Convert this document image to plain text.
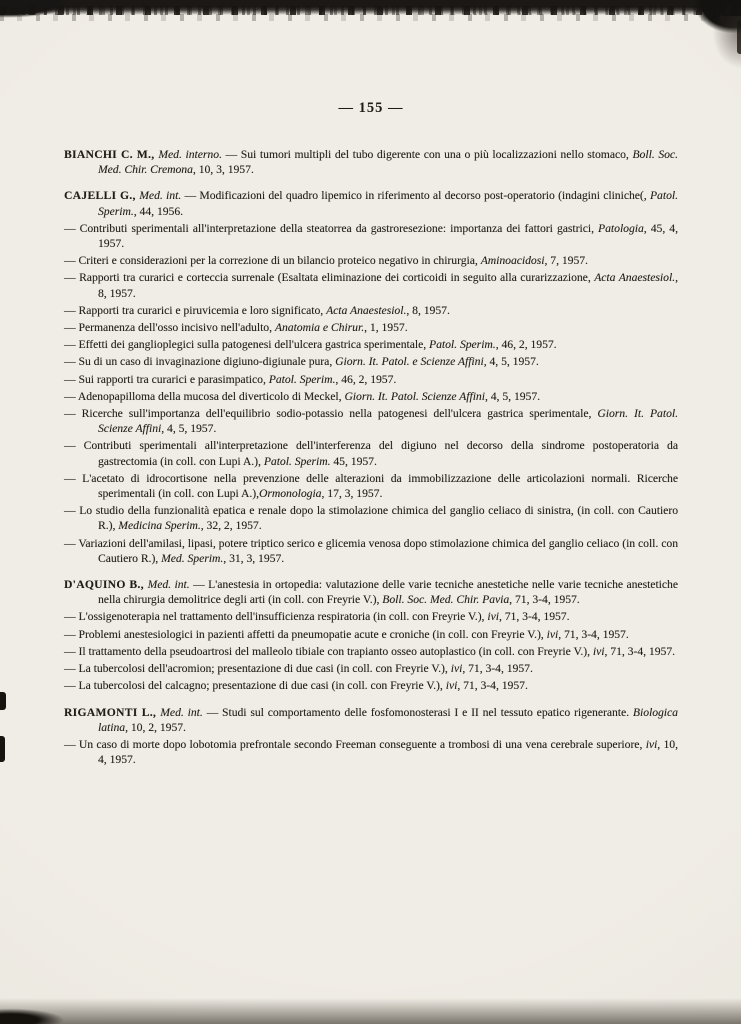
— 155 —

BIANCHI C. M., Med. interno. — Sui tumori multipli del tubo digerente con una o più localizzazioni nello stomaco, Boll. Soc. Med. Chir. Cremona, 10, 3, 1957.

CAJELLI G., Med. int. — Modificazioni del quadro lipemico in riferimento al decorso post-operatorio (indagini cliniche(, Patol. Sperim., 44, 1956.

— Contributi sperimentali all'interpretazione della steatorrea da gastroresezione: importanza dei fattori gastrici, Patologia, 45, 4, 1957.

— Criteri e considerazioni per la correzione di un bilancio proteico negativo in chirurgia, Aminoacidosi, 7, 1957.

— Rapporti tra curarici e corteccia surrenale (Esaltata eliminazione dei corticoidi in seguito alla curarizzazione, Acta Anaestesiol., 8, 1957.

— Rapporti tra curarici e piruvicemia e loro significato, Acta Anaestesiol., 8, 1957.

— Permanenza dell'osso incisivo nell'adulto, Anatomia e Chirur., 1, 1957.

— Effetti dei ganglioplegici sulla patogenesi dell'ulcera gastrica sperimentale, Patol. Sperim., 46, 2, 1957.

— Su di un caso di invaginazione digiuno-digiunale pura, Giorn. It. Patol. e Scienze Affini, 4, 5, 1957.

— Sui rapporti tra curarici e parasimpatico, Patol. Sperim., 46, 2, 1957.

— Adenopapilloma della mucosa del diverticolo di Meckel, Giorn. It. Patol. Scienze Affini, 4, 5, 1957.

— Ricerche sull'importanza dell'equilibrio sodio-potassio nella patogenesi dell'ulcera gastrica sperimentale, Giorn. It. Patol. Scienze Affini, 4, 5, 1957.

— Contributi sperimentali all'interpretazione dell'interferenza del digiuno nel decorso della sindrome postoperatoria da gastrectomia (in coll. con Lupi A.), Patol. Sperim. 45, 1957.

— L'acetato di idrocortisone nella prevenzione delle alterazioni da immobilizzazione delle articolazioni normali. Ricerche sperimentali (in coll. con Lupi A.),Ormonologia, 17, 3, 1957.

— Lo studio della funzionalità epatica e renale dopo la stimolazione chimica del ganglio celiaco di sinistra, (in coll. con Cautiero R.), Medicina Sperim., 32, 2, 1957.

— Variazioni dell'amilasi, lipasi, potere triptico serico e glicemia venosa dopo stimolazione chimica del ganglio celiaco (in coll. con Cautiero R.), Med. Sperim., 31, 3, 1957.

D'AQUINO B., Med. int. — L'anestesia in ortopedia: valutazione delle varie tecniche anestetiche nelle varie tecniche anestetiche nella chirurgia demolitrice degli arti (in coll. con Freyrie V.), Boll. Soc. Med. Chir. Pavia, 71, 3-4, 1957.

— L'ossigenoterapia nel trattamento dell'insufficienza respiratoria (in coll. con Freyrie V.), ivi, 71, 3-4, 1957.

— Problemi anestesiologici in pazienti affetti da pneumopatie acute e croniche (in coll. con Freyrie V.), ivi, 71, 3-4, 1957.

— Il trattamento della pseudoartrosi del malleolo tibiale con trapianto osseo autoplastico (in coll. con Freyrie V.), ivi, 71, 3-4, 1957.

— La tubercolosi dell'acromion; presentazione di due casi (in coll. con Freyrie V.), ivi, 71, 3-4, 1957.

— La tubercolosi del calcagno; presentazione di due casi (in coll. con Freyrie V.), ivi, 71, 3-4, 1957.

RIGAMONTI L., Med. int. — Studi sul comportamento delle fosfomonosterasi I e II nel tessuto epatico rigenerante. Biologica latina, 10, 2, 1957.

— Un caso di morte dopo lobotomia prefrontale secondo Freeman conseguente a trombosi di una vena cerebrale superiore, ivi, 10, 4, 1957.
